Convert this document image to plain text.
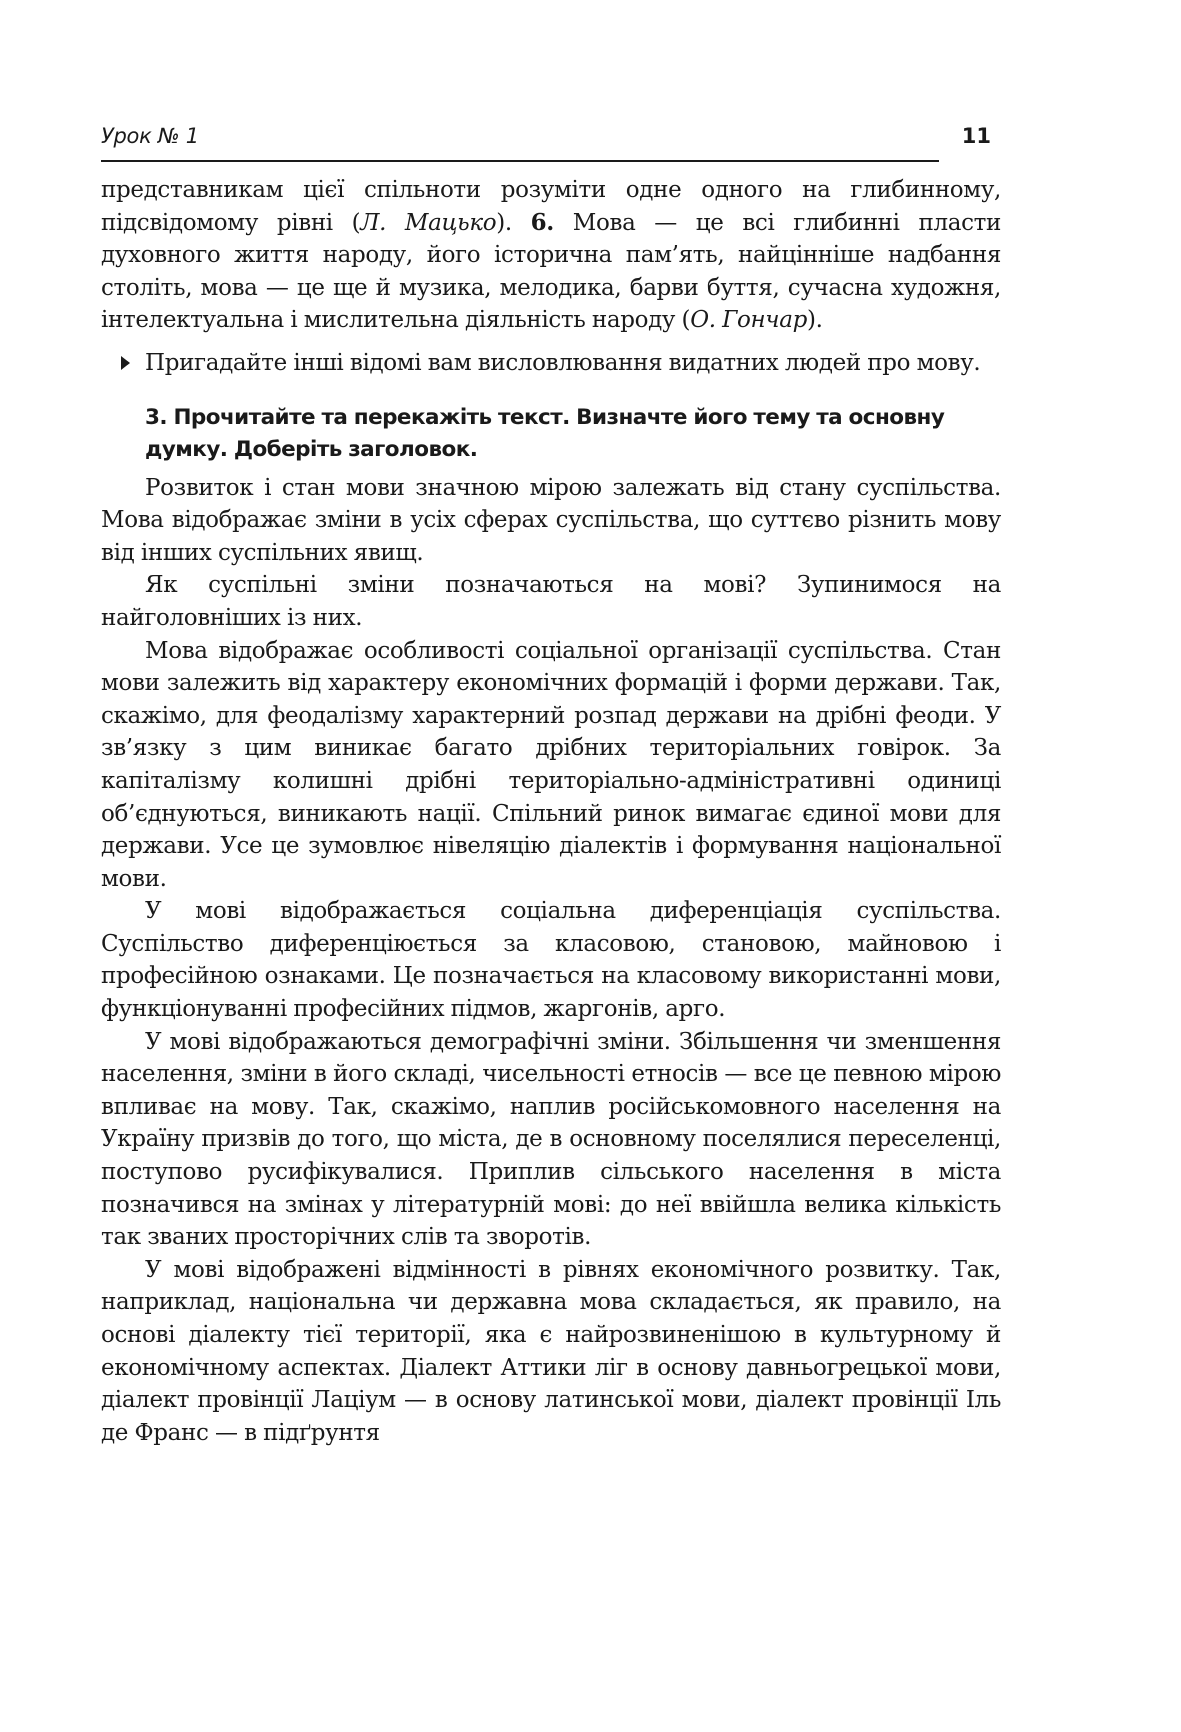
Урок № 1	11

представникам цієї спільноти розуміти одне одного на глибинному, підсвідомому рівні (Л. Мацько). 6. Мова — це всі глибинні пласти духовного життя народу, його історична пам’ять, найцінніше надбання століть, мова — це ще й музика, мелодика, барви буття, сучасна художня, інтелектуальна і мислительна діяльність народу (О. Гончар).

Пригадайте інші відомі вам висловлювання видатних людей про мову.

3. Прочитайте та перекажіть текст. Визначте його тему та основну думку. Доберіть заголовок.

Розвиток і стан мови значною мірою залежать від стану суспільства. Мова відображає зміни в усіх сферах суспільства, що суттєво різнить мову від інших суспільних явищ.

Як суспільні зміни позначаються на мові? Зупинимося на найголовніших із них.

Мова відображає особливості соціальної організації суспільства. Стан мови залежить від характеру економічних формацій і форми держави. Так, скажімо, для феодалізму характерний розпад держави на дрібні феоди. У зв’язку з цим виникає багато дрібних територіальних говірок. За капіталізму колишні дрібні територіально-адміністративні одиниці об’єднуються, виникають нації. Спільний ринок вимагає єдиної мови для держави. Усе це зумовлює нівеляцію діалектів і формування національної мови.

У мові відображається соціальна диференціація суспільства. Суспільство диференціюється за класовою, становою, майновою і професійною ознаками. Це позначається на класовому використанні мови, функціонуванні професійних підмов, жаргонів, арго.

У мові відображаються демографічні зміни. Збільшення чи зменшення населення, зміни в його складі, чисельності етносів — все це певною мірою впливає на мову. Так, скажімо, наплив російськомовного населення на Україну призвів до того, що міста, де в основному поселялися переселенці, поступово русифікувалися. Приплив сільського населення в міста позначився на змінах у літературній мові: до неї ввійшла велика кількість так званих просторічних слів та зворотів.

У мові відображені відмінності в рівнях економічного розвитку. Так, наприклад, національна чи державна мова складається, як правило, на основі діалекту тієї території, яка є найрозвиненішою в культурному й економічному аспектах. Діалект Аттики ліг в основу давньогрецької мови, діалект провінції Лаціум — в основу латинської мови, діалект провінції Іль де Франс — в підґрунтя
